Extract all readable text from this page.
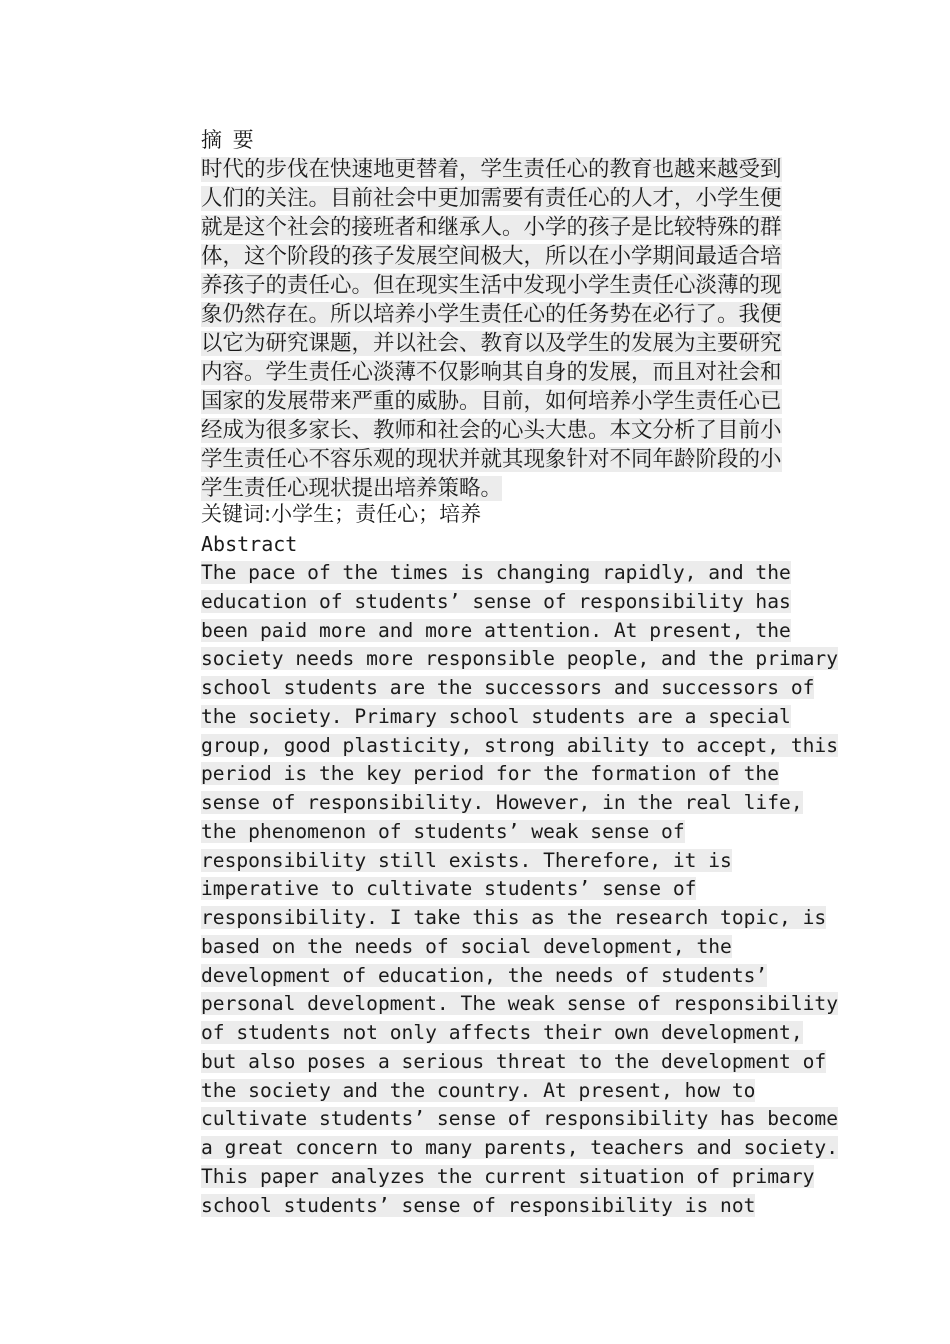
摘 要
时代的步伐在快速地更替着，学生责任心的教育也越来越受到
人们的关注。目前社会中更加需要有责任心的人才，小学生便
就是这个社会的接班者和继承人。小学的孩子是比较特殊的群
体，这个阶段的孩子发展空间极大，所以在小学期间最适合培
养孩子的责任心。但在现实生活中发现小学生责任心淡薄的现
象仍然存在。所以培养小学生责任心的任务势在必行了。我便
以它为研究课题，并以社会、教育以及学生的发展为主要研究
内容。学生责任心淡薄不仅影响其自身的发展，而且对社会和
国家的发展带来严重的威胁。目前，如何培养小学生责任心已
经成为很多家长、教师和社会的心头大患。本文分析了目前小
学生责任心不容乐观的现状并就其现象针对不同年龄阶段的小
学生责任心现状提出培养策略。
关键词:小学生；责任心；培养
Abstract
The pace of the times is changing rapidly, and the
education of students’ sense of responsibility has
been paid more and more attention. At present, the
society needs more responsible people, and the primary
school students are the successors and successors of
the society. Primary school students are a special
group, good plasticity, strong ability to accept, this
period is the key period for the formation of the
sense of responsibility. However, in the real life,
the phenomenon of students’ weak sense of
responsibility still exists. Therefore, it is
imperative to cultivate students’ sense of
responsibility. I take this as the research topic, is
based on the needs of social development, the
development of education, the needs of students’
personal development. The weak sense of responsibility
of students not only affects their own development,
but also poses a serious threat to the development of
the society and the country. At present, how to
cultivate students’ sense of responsibility has become
a great concern to many parents, teachers and society.
This paper analyzes the current situation of primary
school students’ sense of responsibility is not
